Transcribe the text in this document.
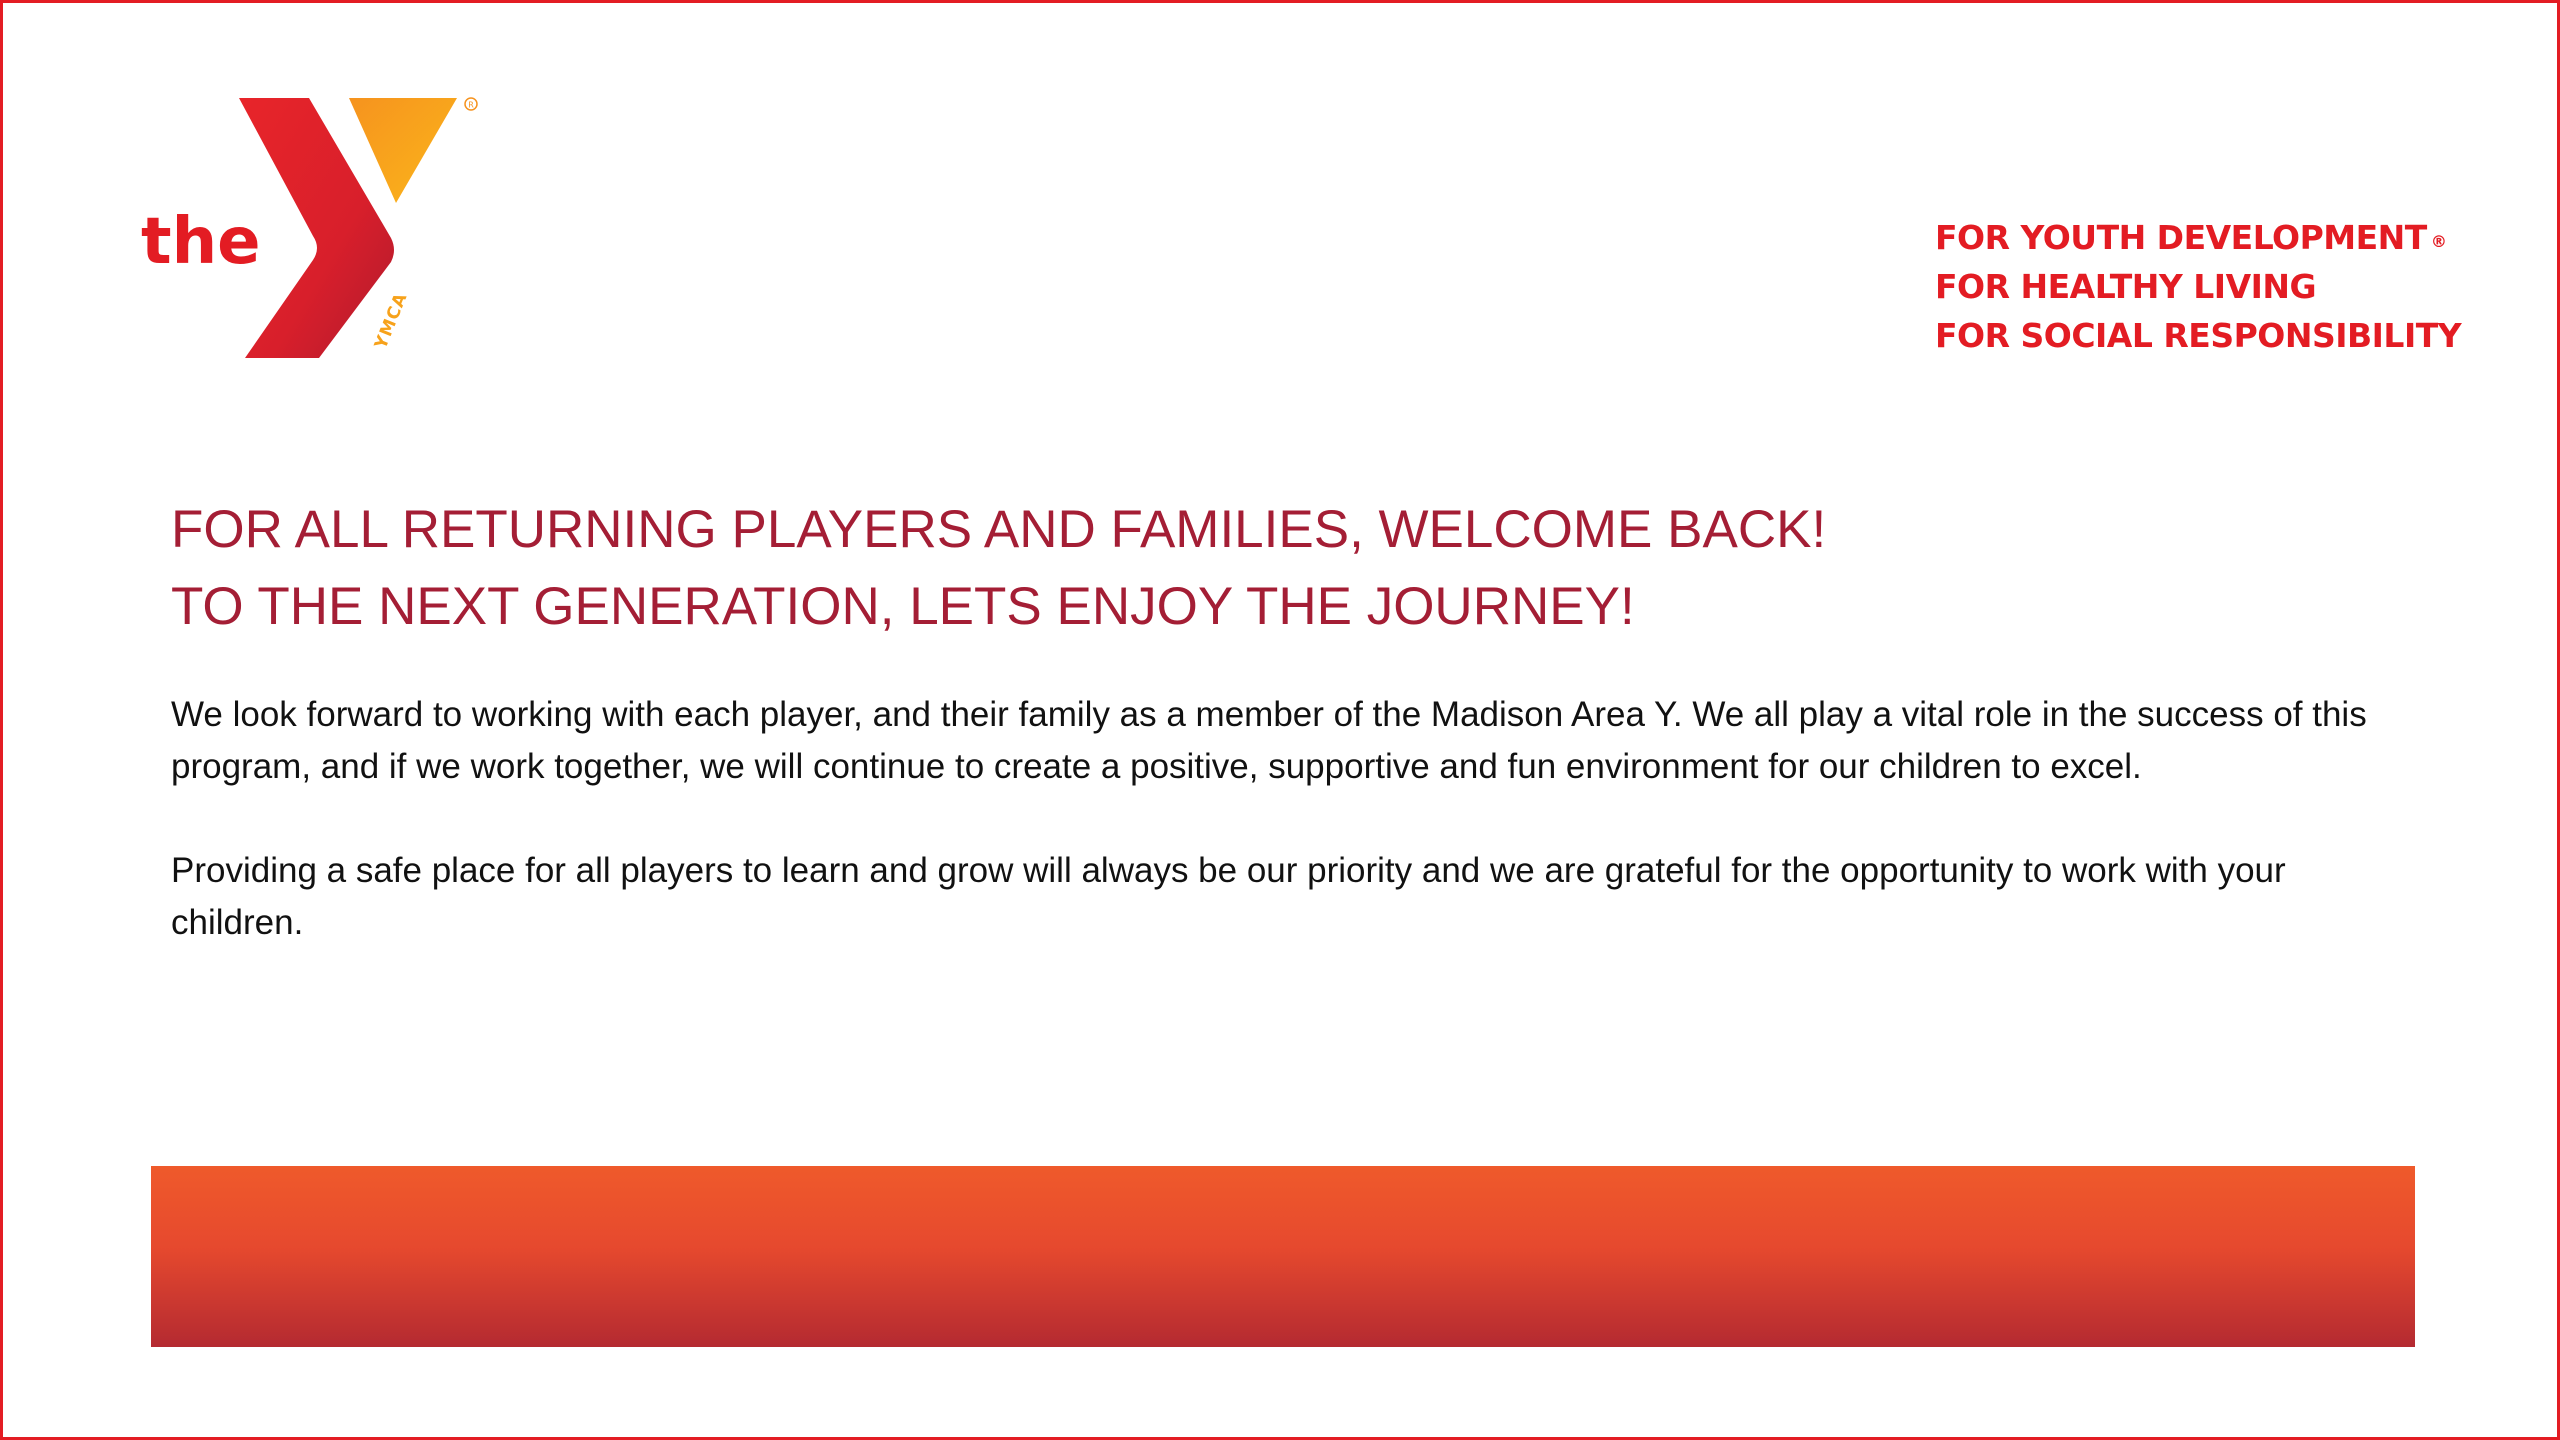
R
the
YMCA
FOR YOUTH DEVELOPMENT ®
FOR HEALTHY LIVING
FOR SOCIAL RESPONSIBILITY
FOR ALL RETURNING PLAYERS AND FAMILIES, WELCOME BACK!
TO THE NEXT GENERATION, LETS ENJOY THE JOURNEY!

We look forward to working with each player, and their family as a member of the Madison Area Y. We all play a vital role in the success of this program, and if we work together, we will continue to create a positive, supportive and fun environment for our children to excel.

Providing a safe place for all players to learn and grow will always be our priority and we are grateful for the opportunity to work with your children.
